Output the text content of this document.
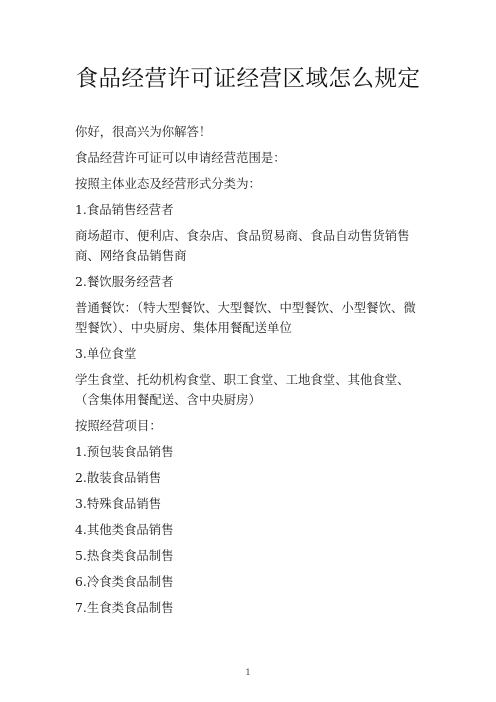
食品经营许可证经营区域怎么规定

你好，很高兴为你解答！

食品经营许可证可以申请经营范围是：

按照主体业态及经营形式分类为：

1.食品销售经营者

商场超市、便利店、食杂店、食品贸易商、食品自动售货销售商、网络食品销售商

2.餐饮服务经营者

普通餐饮：（特大型餐饮、大型餐饮、中型餐饮、小型餐饮、微型餐饮）、中央厨房、集体用餐配送单位

3.单位食堂

学生食堂、托幼机构食堂、职工食堂、工地食堂、其他食堂、（含集体用餐配送、含中央厨房）

按照经营项目：

1.预包装食品销售

2.散装食品销售

3.特殊食品销售

4.其他类食品销售

5.热食类食品制售

6.冷食类食品制售

7.生食类食品制售

1
